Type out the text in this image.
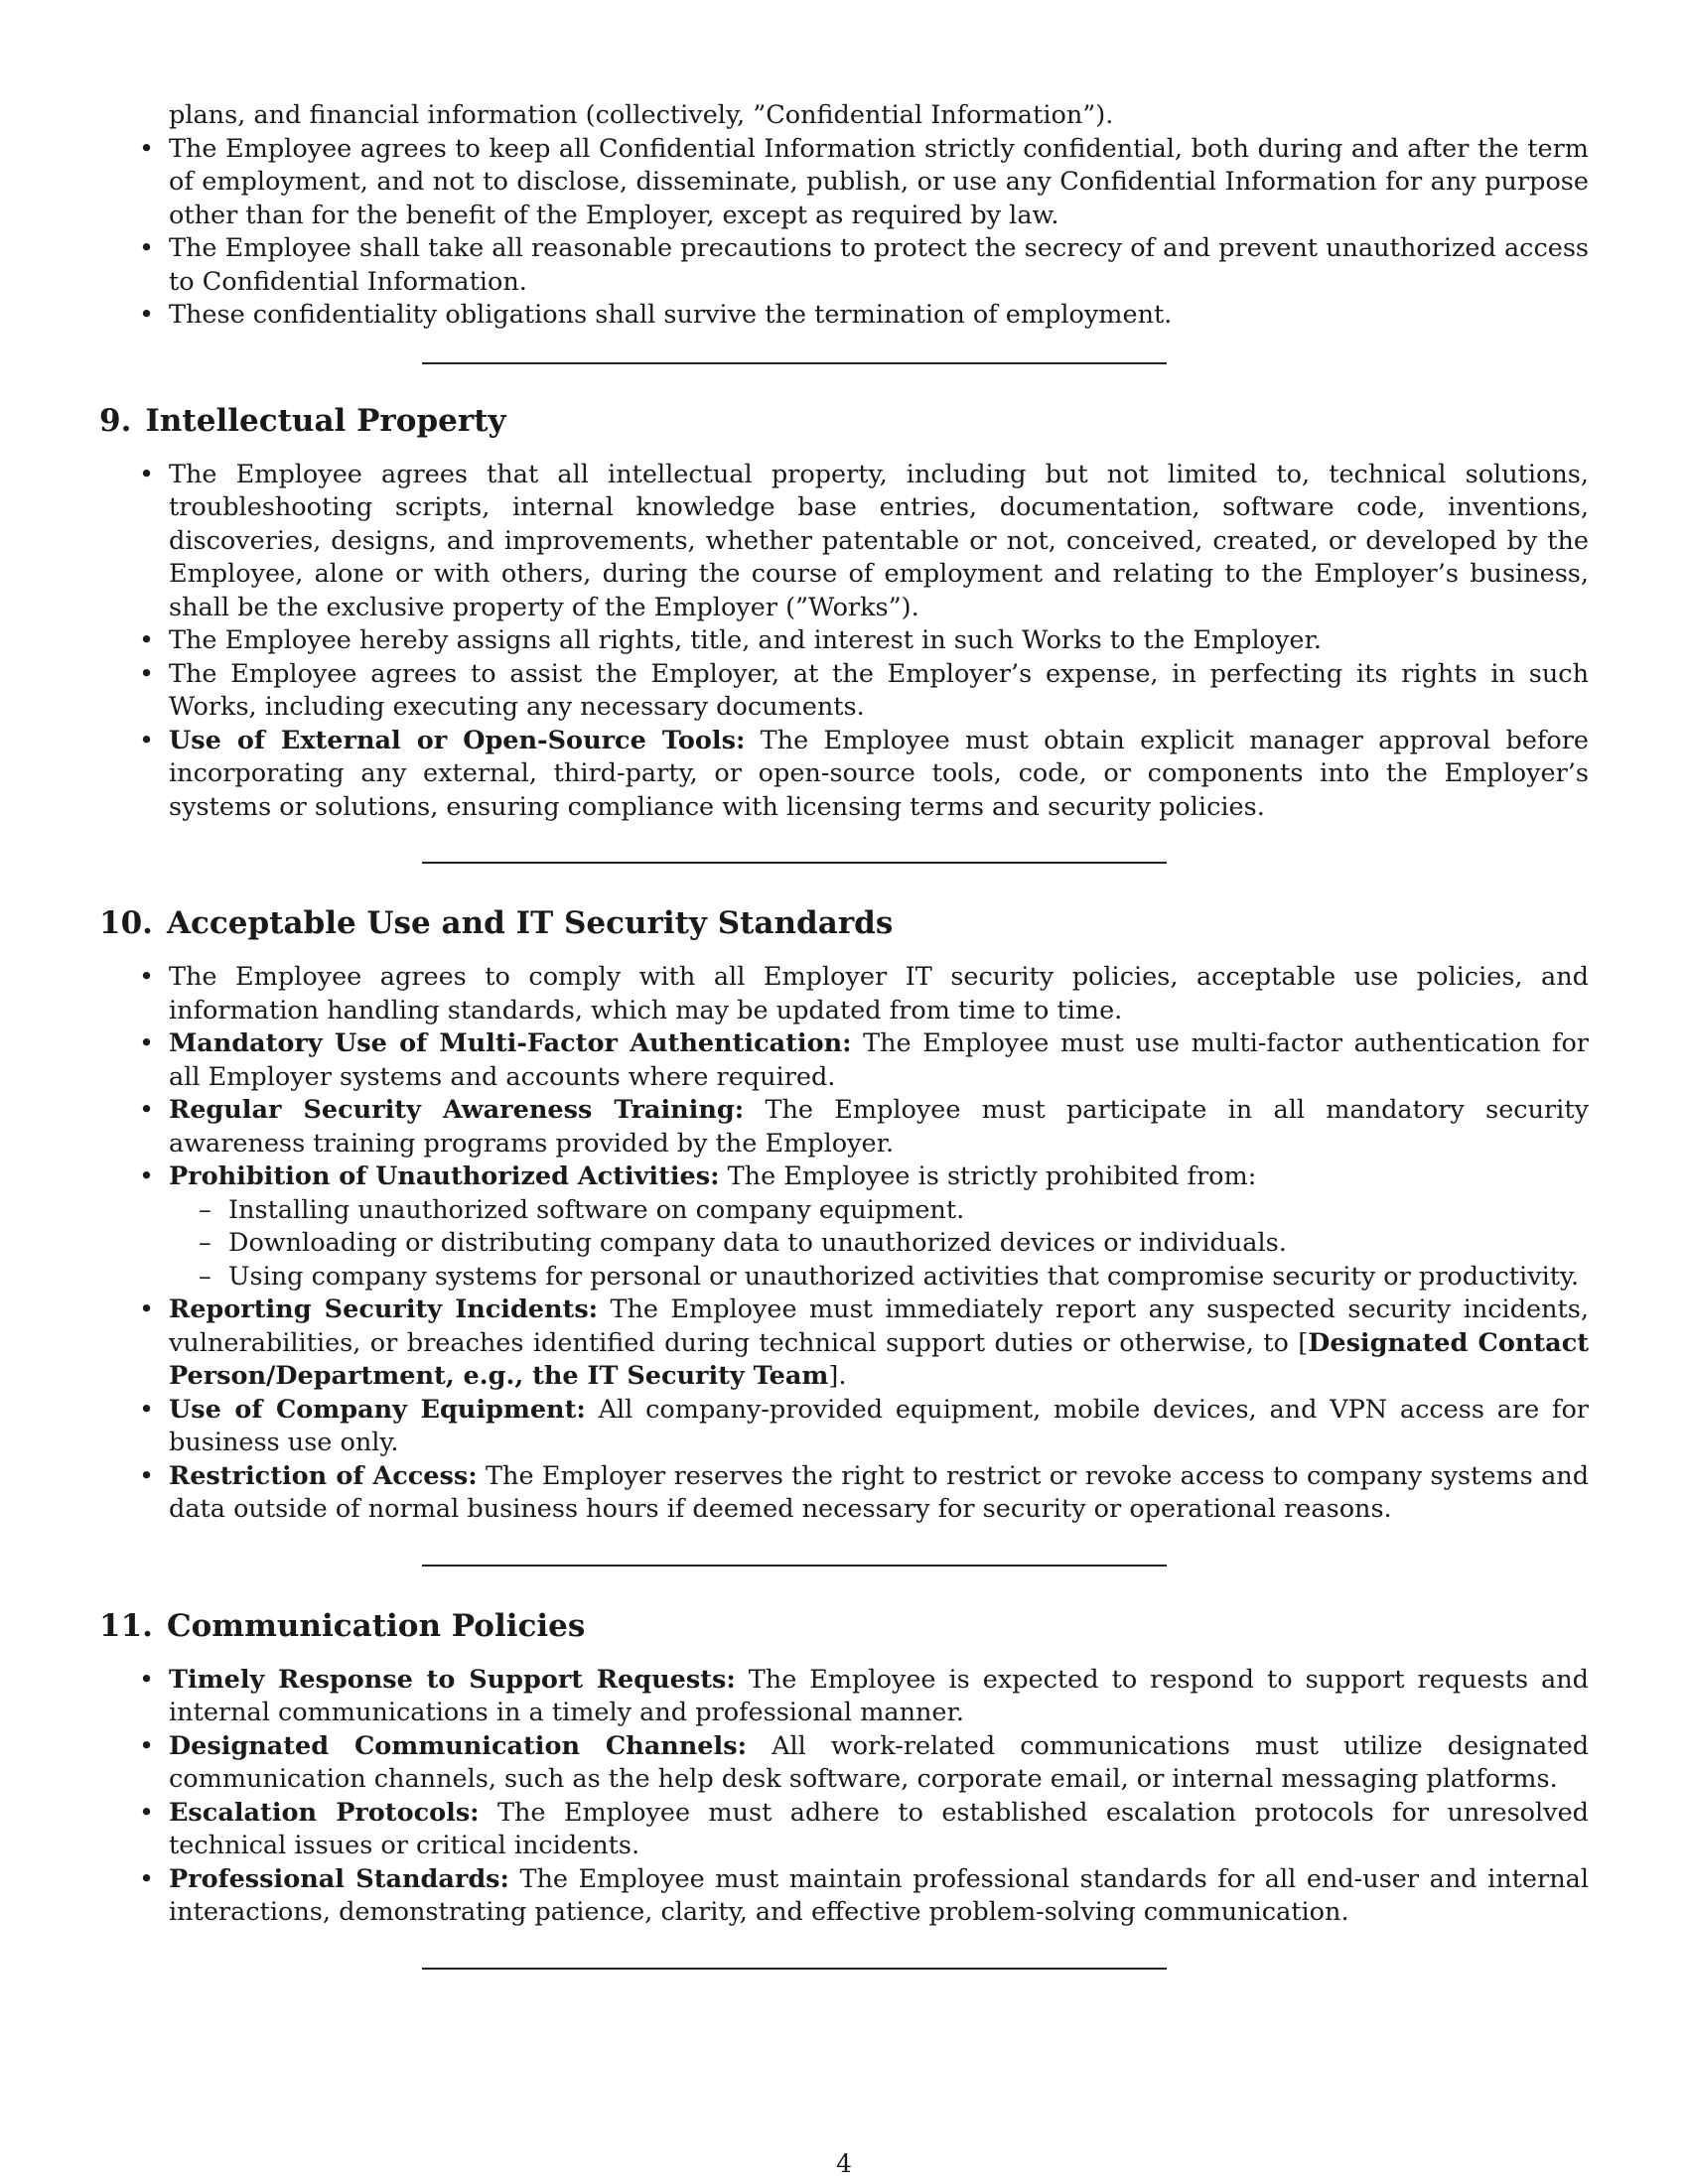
plans, and financial information (collectively, ”Confidential Information”).

• The Employee agrees to keep all Confidential Information strictly confidential, both during and after the term of employment, and not to disclose, disseminate, publish, or use any Confidential Information for any purpose other than for the benefit of the Employer, except as required by law.
• The Employee shall take all reasonable precautions to protect the secrecy of and prevent unauthorized access to Confidential Information.
• These confidentiality obligations shall survive the termination of employment.
9. Intellectual Property
• The Employee agrees that all intellectual property, including but not limited to, technical solutions, troubleshooting scripts, internal knowledge base entries, documentation, software code, inventions, discoveries, designs, and improvements, whether patentable or not, conceived, created, or developed by the Employee, alone or with others, during the course of employment and relating to the Employer’s business, shall be the exclusive property of the Employer (”Works”).
• The Employee hereby assigns all rights, title, and interest in such Works to the Employer.
• The Employee agrees to assist the Employer, at the Employer’s expense, in perfecting its rights in such Works, including executing any necessary documents.
• Use of External or Open-Source Tools: The Employee must obtain explicit manager approval before incorporating any external, third-party, or open-source tools, code, or components into the Employer’s systems or solutions, ensuring compliance with licensing terms and security policies.
10. Acceptable Use and IT Security Standards
• The Employee agrees to comply with all Employer IT security policies, acceptable use policies, and information handling standards, which may be updated from time to time.
• Mandatory Use of Multi-Factor Authentication: The Employee must use multi-factor authentication for all Employer systems and accounts where required.
• Regular Security Awareness Training: The Employee must participate in all mandatory security awareness training programs provided by the Employer.
• Prohibition of Unauthorized Activities: The Employee is strictly prohibited from:
– Installing unauthorized software on company equipment.
– Downloading or distributing company data to unauthorized devices or individuals.
– Using company systems for personal or unauthorized activities that compromise security or productivity.
• Reporting Security Incidents: The Employee must immediately report any suspected security incidents, vulnerabilities, or breaches identified during technical support duties or otherwise, to [Designated Contact Person/Department, e.g., the IT Security Team].
• Use of Company Equipment: All company-provided equipment, mobile devices, and VPN access are for business use only.
• Restriction of Access: The Employer reserves the right to restrict or revoke access to company systems and data outside of normal business hours if deemed necessary for security or operational reasons.
11. Communication Policies
• Timely Response to Support Requests: The Employee is expected to respond to support requests and internal communications in a timely and professional manner.
• Designated Communication Channels: All work-related communications must utilize designated communication channels, such as the help desk software, corporate email, or internal messaging platforms.
• Escalation Protocols: The Employee must adhere to established escalation protocols for unresolved technical issues or critical incidents.
• Professional Standards: The Employee must maintain professional standards for all end-user and internal interactions, demonstrating patience, clarity, and effective problem-solving communication.
4
